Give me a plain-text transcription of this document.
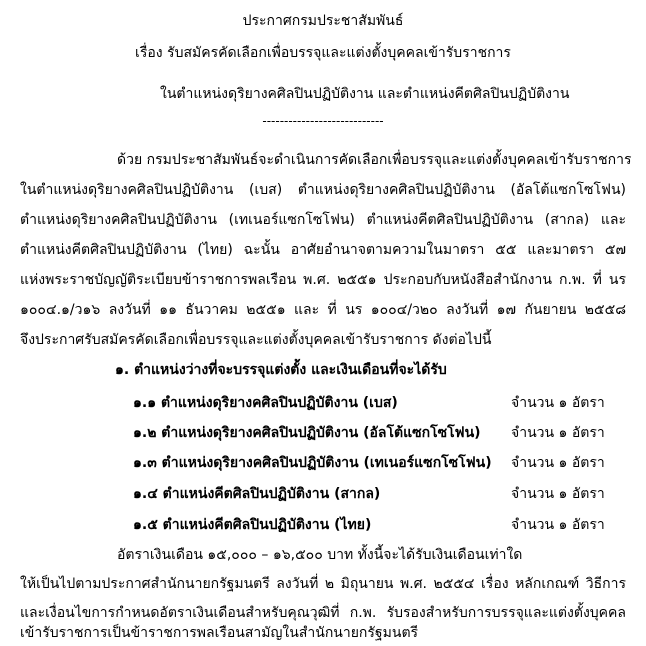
ประกาศกรมประชาสัมพันธ์
เรื่อง รับสมัครคัดเลือกเพื่อบรรจุและแต่งตั้งบุคคลเข้ารับราชการ
ในตำแหน่งดุริยางคศิลปินปฏิบัติงาน และตำแหน่งคีตศิลปินปฏิบัติงาน
----------------------------
ด้วย กรมประชาสัมพันธ์จะดำเนินการคัดเลือกเพื่อบรรจุและแต่งตั้งบุคคลเข้ารับราชการ
ในตำแหน่งดุริยางคศิลปินปฏิบัติงาน (เบส) ตำแหน่งดุริยางคศิลปินปฏิบัติงาน (อัลโต้แซกโซโฟน)
ตำแหน่งดุริยางคศิลปินปฏิบัติงาน (เทเนอร์แซกโซโฟน) ตำแหน่งคีตศิลปินปฏิบัติงาน (สากล) และ
ตำแหน่งคีตศิลปินปฏิบัติงาน (ไทย) ฉะนั้น อาศัยอำนาจตามความในมาตรา ๕๕ และมาตรา ๕๗
แห่งพระราชบัญญัติระเบียบข้าราชการพลเรือน พ.ศ. ๒๕๕๑ ประกอบกับหนังสือสำนักงาน ก.พ. ที่ นร
๑๐๐๔.๑/ว๑๖ ลงวันที่ ๑๑ ธันวาคม ๒๕๕๑ และ ที่ นร ๑๐๐๔/ว๒๐ ลงวันที่ ๑๗ กันยายน ๒๕๕๘
จึงประกาศรับสมัครคัดเลือกเพื่อบรรจุและแต่งตั้งบุคคลเข้ารับราชการ ดังต่อไปนี้
๑. ตำแหน่งว่างที่จะบรรจุแต่งตั้ง และเงินเดือนที่จะได้รับ
๑.๑ ตำแหน่งดุริยางคศิลปินปฏิบัติงาน (เบส)	จำนวน ๑ อัตรา
๑.๒ ตำแหน่งดุริยางคศิลปินปฏิบัติงาน (อัลโต้แซกโซโฟน) จำนวน ๑ อัตรา
๑.๓ ตำแหน่งดุริยางคศิลปินปฏิบัติงาน (เทเนอร์แซกโซโฟน) จำนวน ๑ อัตรา
๑.๔ ตำแหน่งคีตศิลปินปฏิบัติงาน (สากล)	จำนวน ๑ อัตรา
๑.๕ ตำแหน่งคีตศิลปินปฏิบัติงาน (ไทย)	จำนวน ๑ อัตรา
อัตราเงินเดือน ๑๕,๐๐๐ – ๑๖,๕๐๐ บาท ทั้งนี้จะได้รับเงินเดือนเท่าใด
ให้เป็นไปตามประกาศสำนักนายกรัฐมนตรี ลงวันที่ ๒ มิถุนายน พ.ศ. ๒๕๕๔ เรื่อง หลักเกณฑ์ วิธีการ
และเงื่อนไขการกำหนดอัตราเงินเดือนสำหรับคุณวุฒิที่ ก.พ. รับรองสำหรับการบรรจุและแต่งตั้งบุคคล
เข้ารับราชการเป็นข้าราชการพลเรือนสามัญในสำนักนายกรัฐมนตรี
